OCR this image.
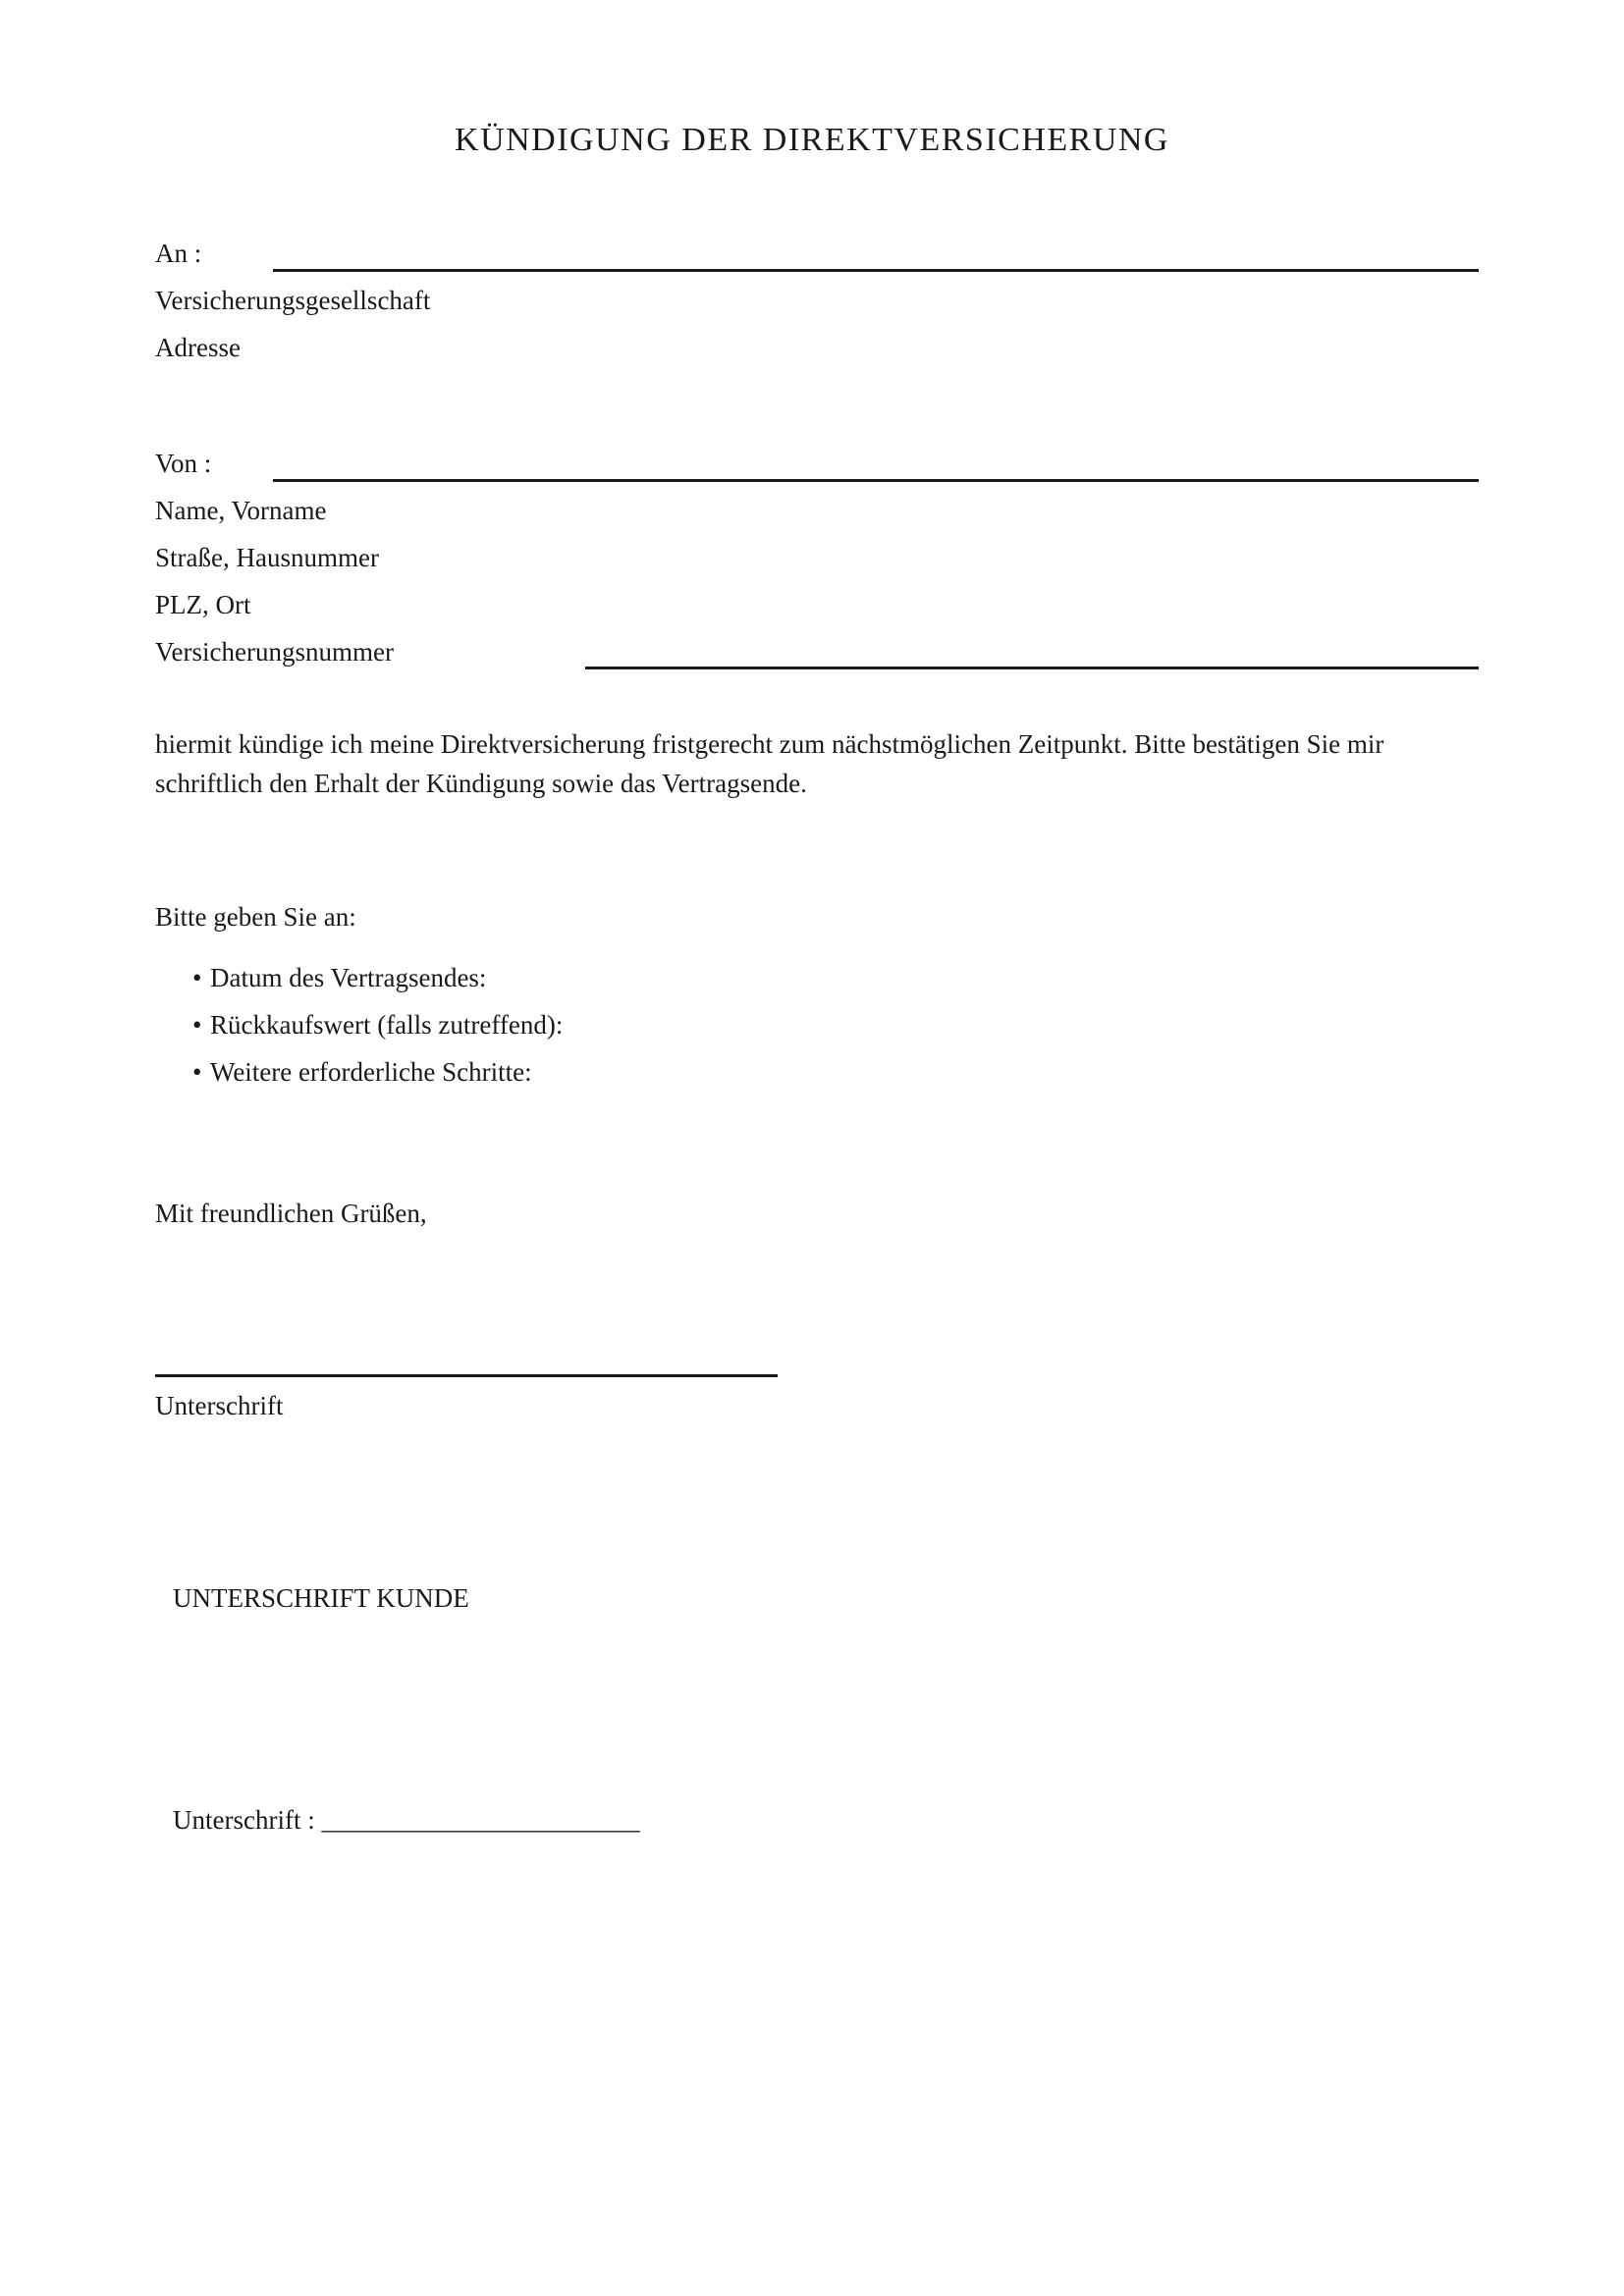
KÜNDIGUNG DER DIREKTVERSICHERUNG
An :
Versicherungsgesellschaft
Adresse
Von :
Name, Vorname
Straße, Hausnummer
PLZ, Ort
Versicherungsnummer
hiermit kündige ich meine Direktversicherung fristgerecht zum nächstmöglichen Zeitpunkt. Bitte bestätigen Sie mir schriftlich den Erhalt der Kündigung sowie das Vertragsende.
Bitte geben Sie an:
• Datum des Vertragsendes:
• Rückkaufswert (falls zutreffend):
• Weitere erforderliche Schritte:
Mit freundlichen Grüßen,
Unterschrift
UNTERSCHRIFT KUNDE
Unterschrift : ________________________
